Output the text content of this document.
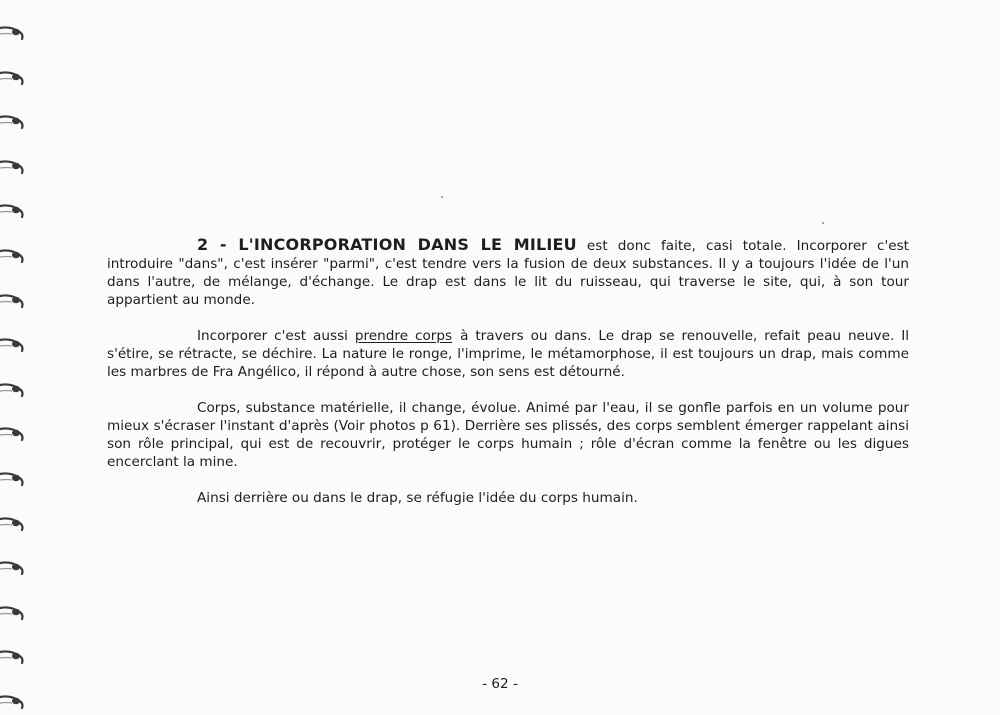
2 - L'INCORPORATION DANS LE MILIEU est donc faite, casi totale. Incorporer c'est introduire "dans", c'est insérer "parmi", c'est tendre vers la fusion de deux substances. Il y a toujours l'idée de l'un dans l'autre, de mélange, d'échange. Le drap est dans le lit du ruisseau, qui traverse le site, qui, à son tour appartient au monde.

Incorporer c'est aussi prendre corps à travers ou dans. Le drap se renouvelle, refait peau neuve. Il s'étire, se rétracte, se déchire. La nature le ronge, l'imprime, le métamorphose, il est toujours un drap, mais comme les marbres de Fra Angélico, il répond à autre chose, son sens est détourné.

Corps, substance matérielle, il change, évolue. Animé par l'eau, il se gonfle parfois en un volume pour mieux s'écraser l'instant d'après (Voir photos p 61). Derrière ses plissés, des corps semblent émerger rappelant ainsi son rôle principal, qui est de recouvrir, protéger le corps humain ; rôle d'écran comme la fenêtre ou les digues encerclant la mine.

Ainsi derrière ou dans le drap, se réfugie l'idée du corps humain.

- 62 -
